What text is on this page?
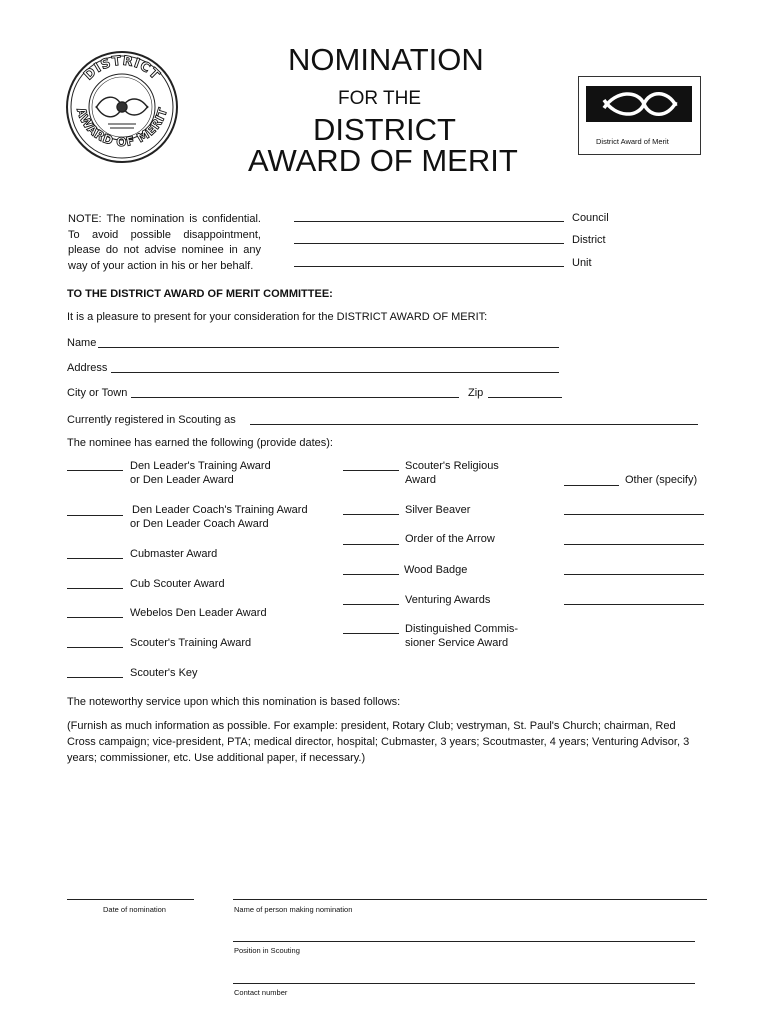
DISTRICT
AWARD OF MERIT
NOMINATION
FOR THE
DISTRICT
AWARD OF MERIT
District Award of Merit
NOTE: The nomination is confidential. To avoid possible disappointment, please do not advise nominee in any way of your action in his or her behalf.
Council
District
Unit
TO THE DISTRICT AWARD OF MERIT COMMITTEE:
It is a pleasure to present for your consideration for the DISTRICT AWARD OF MERIT:
Name
Address
City or Town	Zip
Currently registered in Scouting as
The nominee has earned the following (provide dates):
Den Leader's Training Award
or Den Leader Award
Den Leader Coach's Training Award
or Den Leader Coach Award
Cubmaster Award
Cub Scouter Award
Webelos Den Leader Award
Scouter's Training Award
Scouter's Key
Scouter's Religious
Award
Silver Beaver
Order of the Arrow
Wood Badge
Venturing Awards
Distinguished Commis-
sioner Service Award
Other (specify)
The noteworthy service upon which this nomination is based follows:
(Furnish as much information as possible. For example: president, Rotary Club; vestryman, St. Paul's Church; chairman, Red Cross campaign; vice-president, PTA; medical director, hospital; Cubmaster, 3 years; Scoutmaster, 4 years; Venturing Advisor, 3 years; commissioner, etc. Use additional paper, if necessary.)
Date of nomination	Name of person making nomination
Position in Scouting
Contact number
